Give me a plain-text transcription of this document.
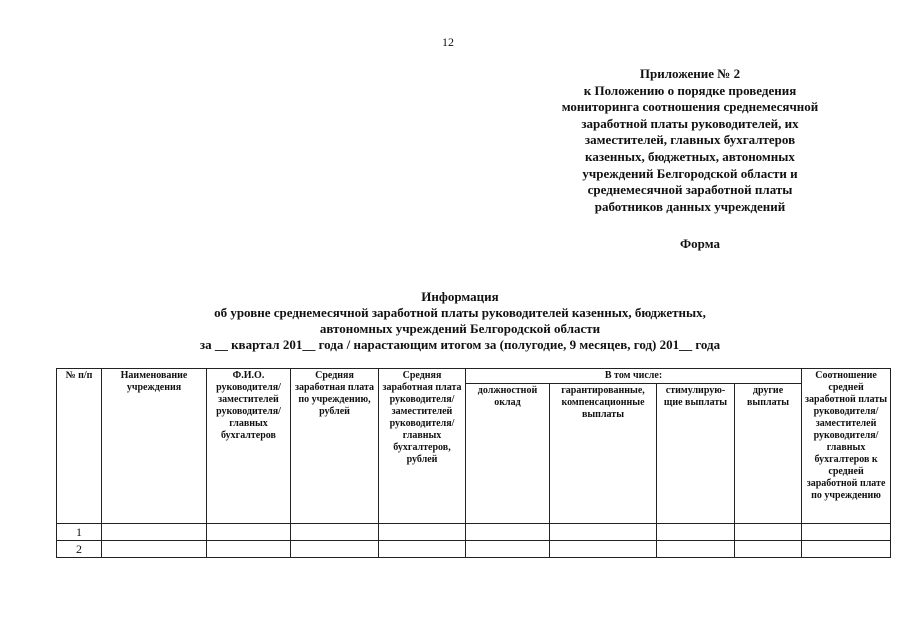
12
Приложение № 2
к Положению о порядке проведения
мониторинга соотношения среднемесячной
заработной платы руководителей, их
заместителей, главных бухгалтеров
казенных, бюджетных, автономных
учреждений Белгородской области и
среднемесячной заработной платы
работников данных учреждений
Форма
Информация
об уровне среднемесячной заработной платы руководителей казенных, бюджетных,
автономных учреждений Белгородской области
за __ квартал 201__ года / нарастающим итогом за (полугодие, 9 месяцев, год) 201__ года
№ п/п	Наименование учреждения	Ф.И.О. руководителя/ заместителей руководителя/ главных бухгалтеров	Средняя заработная плата по учреждению, рублей	Средняя заработная плата руководителя/ заместителей руководителя/ главных бухгалтеров, рублей	В том числе:				Соотношение средней заработной платы руководителя/ заместителей руководителя/ главных бухгалтеров к средней заработной плате по учреждению
					должностной оклад	гарантированные, компенсационные выплаты	стимулирую-щие выплаты	другие выплаты	
1									
2									
